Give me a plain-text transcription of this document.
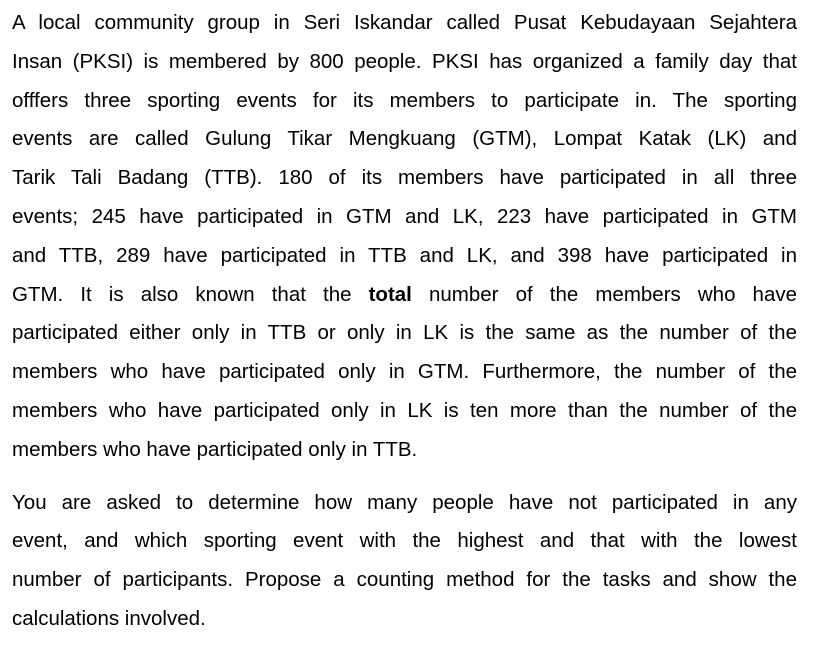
A local community group in Seri Iskandar called Pusat Kebudayaan Sejahtera
Insan (PKSI) is membered by 800 people. PKSI has organized a family day that
offfers three sporting events for its members to participate in. The sporting
events are called Gulung Tikar Mengkuang (GTM), Lompat Katak (LK) and
Tarik Tali Badang (TTB). 180 of its members have participated in all three
events; 245 have participated in GTM and LK, 223 have participated in GTM
and TTB, 289 have participated in TTB and LK, and 398 have participated in
GTM. It is also known that the total number of the members who have
participated either only in TTB or only in LK is the same as the number of the
members who have participated only in GTM. Furthermore, the number of the
members who have participated only in LK is ten more than the number of the
members who have participated only in TTB.
You are asked to determine how many people have not participated in any
event, and which sporting event with the highest and that with the lowest
number of participants. Propose a counting method for the tasks and show the
calculations involved.
